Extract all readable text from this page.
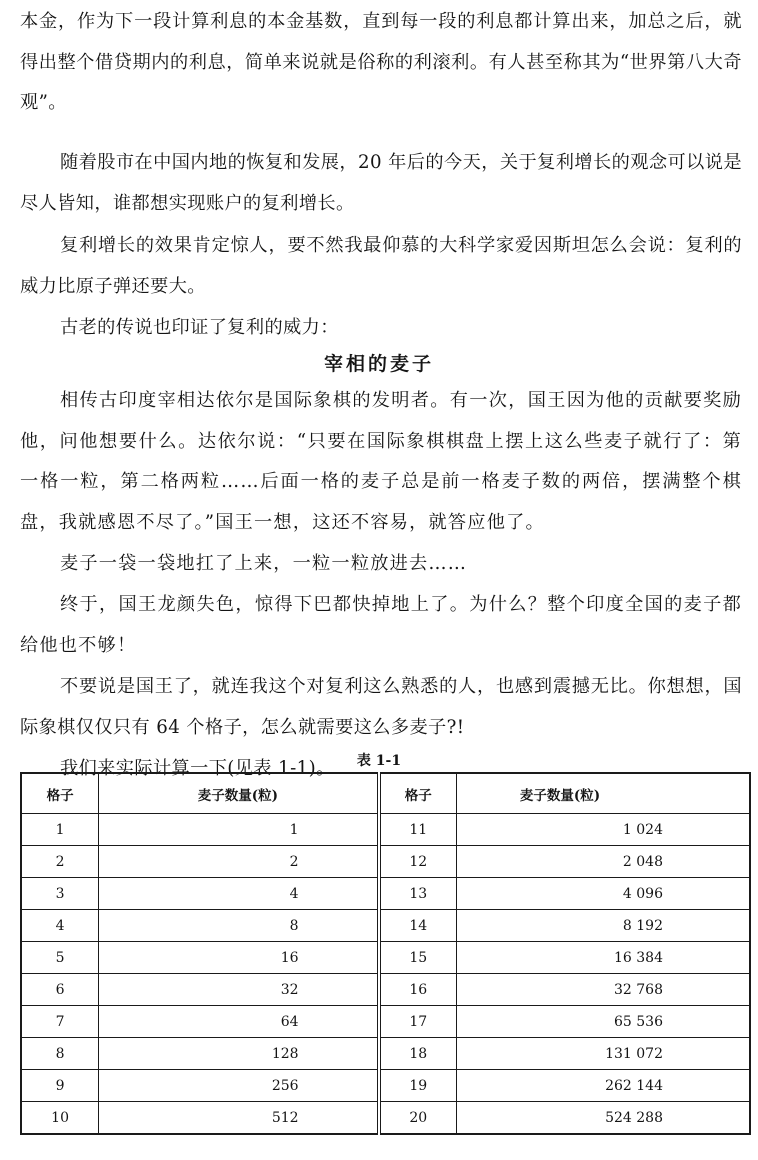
本金，作为下一段计算利息的本金基数，直到每一段的利息都计算出来，加总之后，就得出整个借贷期内的利息，简单来说就是俗称的利滚利。有人甚至称其为“世界第八大奇观”。

随着股市在中国内地的恢复和发展，20 年后的今天，关于复利增长的观念可以说是尽人皆知，谁都想实现账户的复利增长。

复利增长的效果肯定惊人，要不然我最仰慕的大科学家爱因斯坦怎么会说：复利的威力比原子弹还要大。

古老的传说也印证了复利的威力：

宰相的麦子

相传古印度宰相达依尔是国际象棋的发明者。有一次，国王因为他的贡献要奖励他，问他想要什么。达依尔说：“只要在国际象棋棋盘上摆上这么些麦子就行了：第一格一粒，第二格两粒……后面一格的麦子总是前一格麦子数的两倍，摆满整个棋盘，我就感恩不尽了。”国王一想，这还不容易，就答应他了。

麦子一袋一袋地扛了上来，一粒一粒放进去……

终于，国王龙颜失色，惊得下巴都快掉地上了。为什么？整个印度全国的麦子都给他也不够！

不要说是国王了，就连我这个对复利这么熟悉的人，也感到震撼无比。你想想，国际象棋仅仅只有 64 个格子，怎么就需要这么多麦子?!

我们来实际计算一下(见表 1-1)。	表 1-1
格子	麦子数量(粒)	格子	麦子数量(粒)
1	1	11	1 024
2	2	12	2 048
3	4	13	4 096
4	8	14	8 192
5	16	15	16 384
6	32	16	32 768
7	64	17	65 536
8	128	18	131 072
9	256	19	262 144
10	512	20	524 288
